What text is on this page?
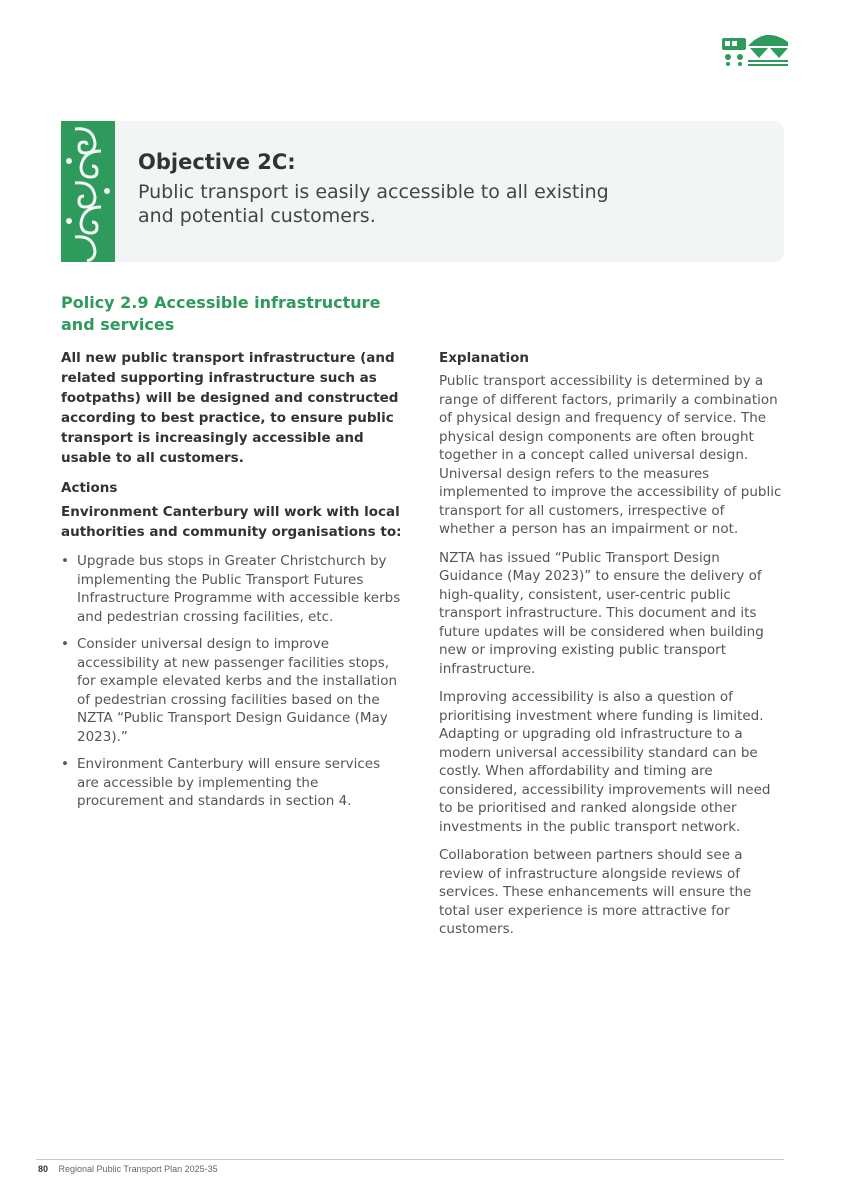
Objective 2C:

Public transport is easily accessible to all existing and potential customers.

Policy 2.9 Accessible infrastructure and services

All new public transport infrastructure (and related supporting infrastructure such as footpaths) will be designed and constructed according to best practice, to ensure public transport is increasingly accessible and usable to all customers.

Actions

Environment Canterbury will work with local authorities and community organisations to:

• Upgrade bus stops in Greater Christchurch by implementing the Public Transport Futures Infrastructure Programme with accessible kerbs and pedestrian crossing facilities, etc.
• Consider universal design to improve accessibility at new passenger facilities stops, for example elevated kerbs and the installation of pedestrian crossing facilities based on the NZTA “Public Transport Design Guidance (May 2023).”
• Environment Canterbury will ensure services are accessible by implementing the procurement and standards in section 4.
Explanation

Public transport accessibility is determined by a range of different factors, primarily a combination of physical design and frequency of service. The physical design components are often brought together in a concept called universal design. Universal design refers to the measures implemented to improve the accessibility of public transport for all customers, irrespective of whether a person has an impairment or not.

NZTA has issued “Public Transport Design Guidance (May 2023)” to ensure the delivery of high-quality, consistent, user-centric public transport infrastructure. This document and its future updates will be considered when building new or improving existing public transport infrastructure.

Improving accessibility is also a question of prioritising investment where funding is limited. Adapting or upgrading old infrastructure to a modern universal accessibility standard can be costly. When affordability and timing are considered, accessibility improvements will need to be prioritised and ranked alongside other investments in the public transport network.

Collaboration between partners should see a review of infrastructure alongside reviews of services. These enhancements will ensure the total user experience is more attractive for customers.

80 Regional Public Transport Plan 2025-35
